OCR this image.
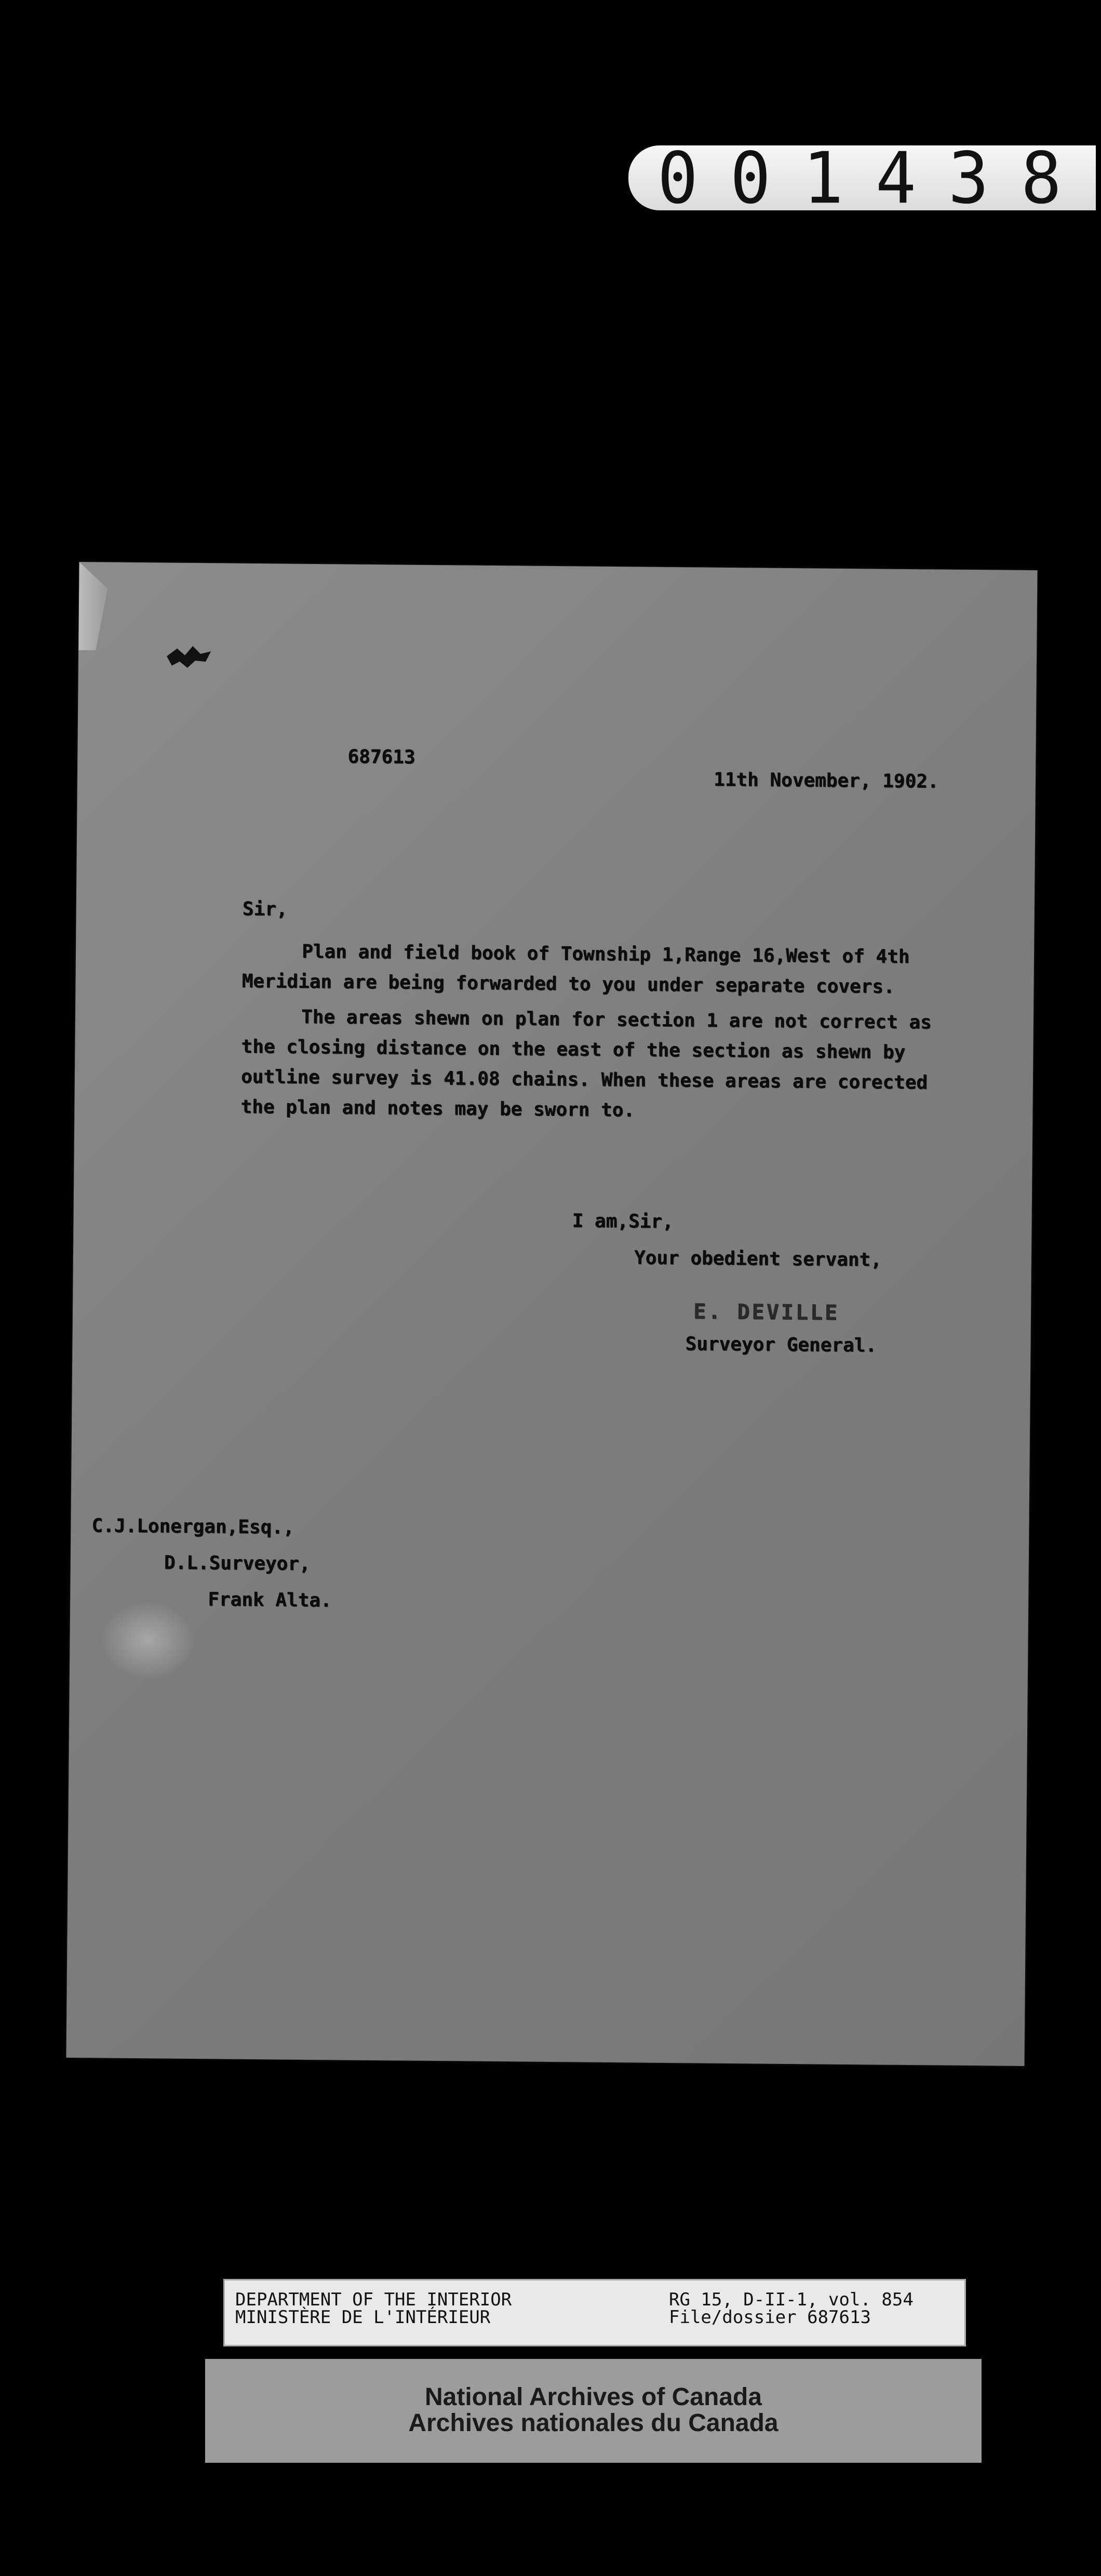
0 0 1 4 3 8
687613
11th November, 1902.
Sir,
Plan and field book of Township 1,Range 16,West of 4th
Meridian are being forwarded to you under separate covers.
The areas shewn on plan for section 1 are not correct as
the closing distance on the east of the section as shewn by
outline survey is 41.08 chains. When these areas are corected
the plan and notes may be sworn to.
I am,Sir,
Your obedient servant,
E. DEVILLE
Surveyor General.
C.J.Lonergan,Esq.,
D.L.Surveyor,
Frank Alta.
DEPARTMENT OF THE INTERIOR
MINISTÈRE DE L'INTÉRIEUR
RG 15, D-II-1, vol. 854
File/dossier 687613
National Archives of Canada
Archives nationales du Canada
